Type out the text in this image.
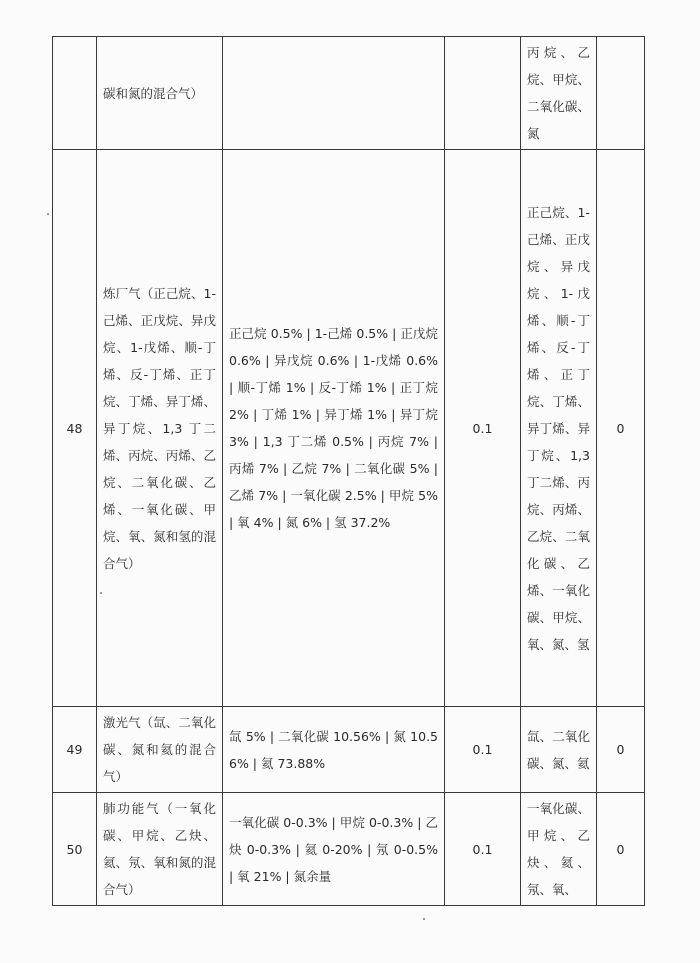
	碳和氮的混合气）			丙烷、乙烷、甲烷、二氧化碳、氮	
48	炼厂气（正己烷、1-己烯、正戊烷、异戊烷、1-戊烯、顺-丁烯、反-丁烯、正丁烷、丁烯、异丁烯、异丁烷、1,3 丁二烯、丙烷、丙烯、乙烷、二氧化碳、乙烯、一氧化碳、甲烷、氧、氮和氢的混合气）	正己烷 0.5% | 1-己烯 0.5% | 正戊烷 0.6% | 异戊烷 0.6% | 1-戊烯 0.6% | 顺-丁烯 1% | 反-丁烯 1% | 正丁烷 2% | 丁烯 1% | 异丁烯 1% | 异丁烷 3% | 1,3 丁二烯 0.5% | 丙烷 7% | 丙烯 7% | 乙烷 7% | 二氧化碳 5% | 乙烯 7% | 一氧化碳 2.5% | 甲烷 5% | 氧 4% | 氮 6% | 氢 37.2%	0.1	正己烷、1-己烯、正戊烷、异戊烷、1-戊烯、顺-丁烯、反-丁烯、正丁烷、丁烯、异丁烯、异丁烷、1,3 丁二烯、丙烷、丙烯、乙烷、二氧化碳、乙烯、一氧化碳、甲烷、氧、氮、氢	0
49	激光气（氙、二氧化碳、氮和氦的混合气）	氙 5% | 二氧化碳 10.56% | 氮 10.56% | 氦 73.88%	0.1	氙、二氧化碳、氮、氦	0
50	肺功能气（一氧化碳、甲烷、乙炔、氦、氖、氧和氮的混合气）	一氧化碳 0-0.3% | 甲烷 0-0.3% | 乙炔 0-0.3% | 氦 0-20% | 氖 0-0.5% | 氧 21% | 氮余量	0.1	一氧化碳、甲烷、乙炔、氦、氖、氧、	0
